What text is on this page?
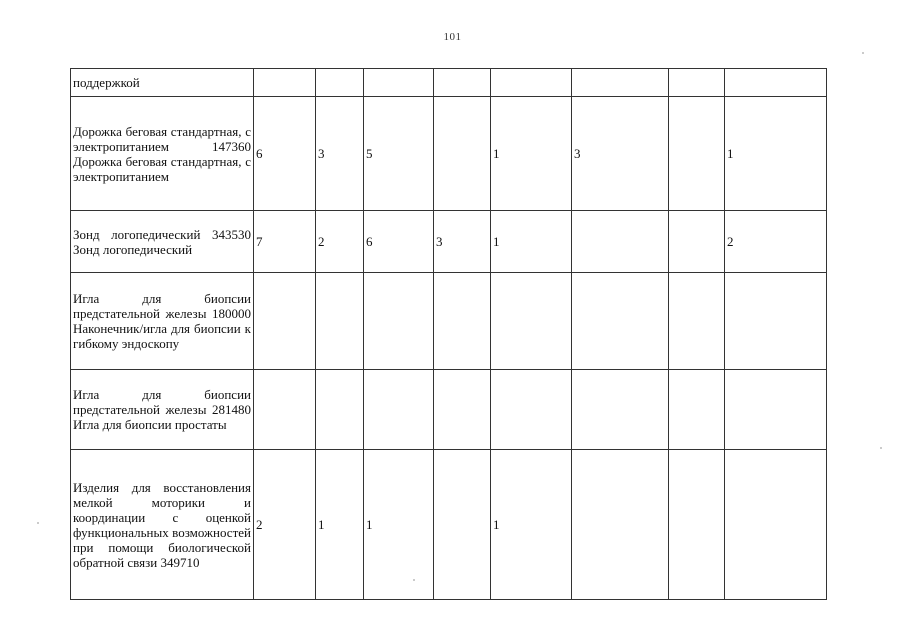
101
поддержкой									
Дорожка беговая стандартная, с электропитанием 147360 Дорожка беговая стандартная, с электропитанием	6	3	5		1	3		1	
Зонд логопедический 343530 Зонд логопедический	7	2	6	3	1			2	
Игла для биопсии предстательной железы 180000 Наконечник/игла для биопсии к гибкому эндоскопу									
Игла для биопсии предстательной железы 281480 Игла для биопсии простаты									
Изделия для восстановления мелкой моторики и координации с оценкой функциональных возможностей при помощи биологической обратной связи 349710	2	1	1		1				
